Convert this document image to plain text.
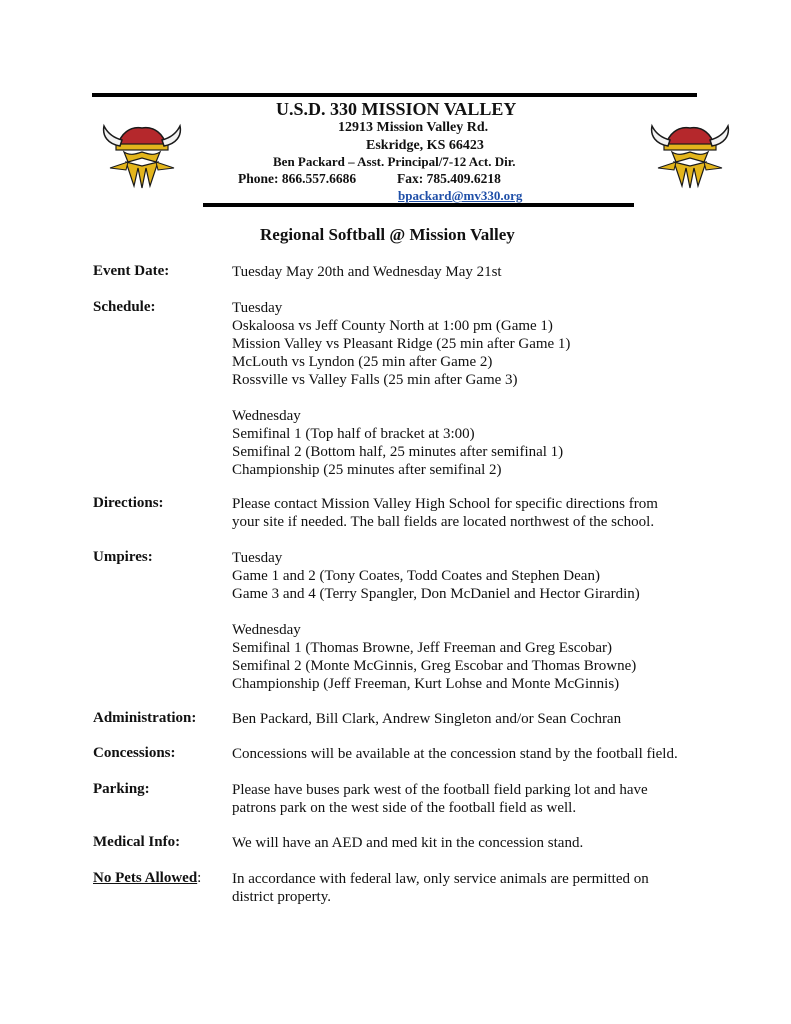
U.S.D. 330 MISSION VALLEY
12913 Mission Valley Rd.
Eskridge, KS 66423
Ben Packard – Asst. Principal/7-12 Act. Dir.
Phone: 866.557.6686	Fax: 785.409.6218
bpackard@mv330.org
Regional Softball @ Mission Valley
Event Date:	Tuesday May 20th and Wednesday May 21st
Schedule:	Tuesday
Oskaloosa vs Jeff County North at 1:00 pm (Game 1)
Mission Valley vs Pleasant Ridge (25 min after Game 1)
McLouth vs Lyndon (25 min after Game 2)
Rossville vs Valley Falls (25 min after Game 3)
Wednesday
Semifinal 1 (Top half of bracket at 3:00)
Semifinal 2 (Bottom half, 25 minutes after semifinal 1)
Championship (25 minutes after semifinal 2)
Directions:	Please contact Mission Valley High School for specific directions from
your site if needed. The ball fields are located northwest of the school.
Umpires:	Tuesday
Game 1 and 2 (Tony Coates, Todd Coates and Stephen Dean)
Game 3 and 4 (Terry Spangler, Don McDaniel and Hector Girardin)
Wednesday
Semifinal 1 (Thomas Browne, Jeff Freeman and Greg Escobar)
Semifinal 2 (Monte McGinnis, Greg Escobar and Thomas Browne)
Championship (Jeff Freeman, Kurt Lohse and Monte McGinnis)
Administration: Ben Packard, Bill Clark, Andrew Singleton and/or Sean Cochran
Concessions:	Concessions will be available at the concession stand by the football field.
Parking:	Please have buses park west of the football field parking lot and have
patrons park on the west side of the football field as well.
Medical Info:	We will have an AED and med kit in the concession stand.
No Pets Allowed: In accordance with federal law, only service animals are permitted on
district property.
